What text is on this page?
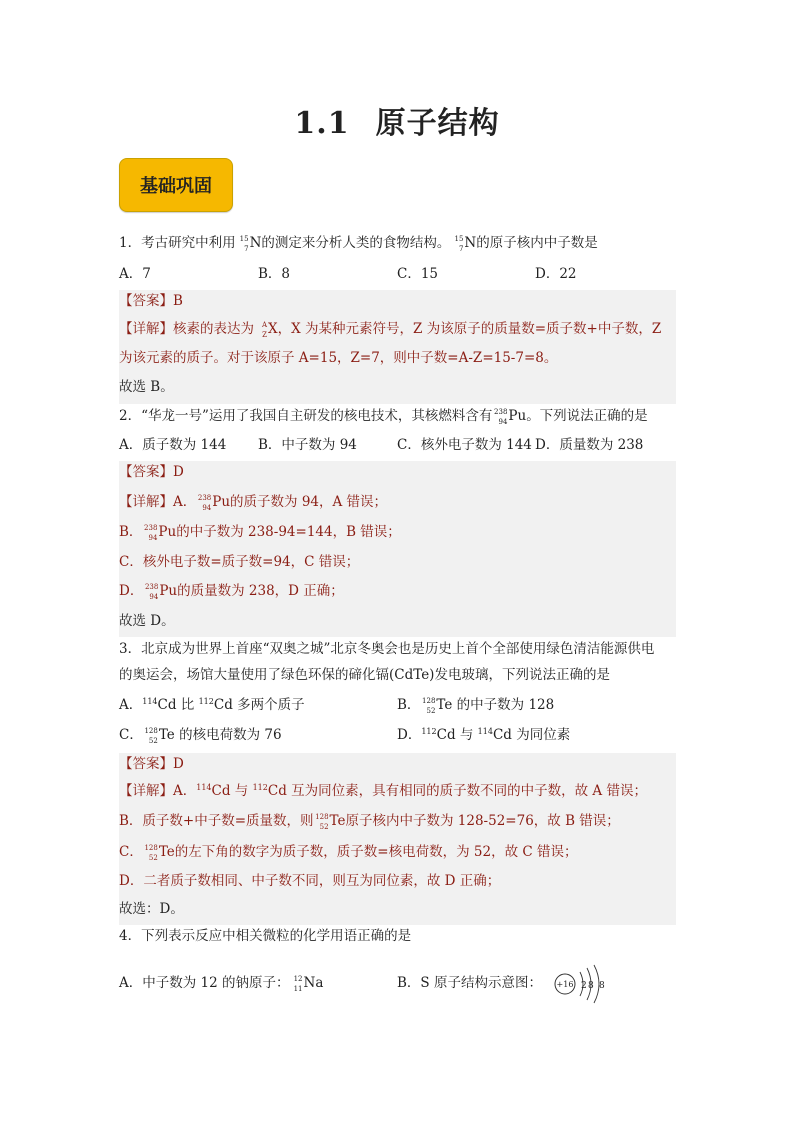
1.1 原子结构
基础巩固
1．考古研究中利用 15
7 N的测定来分析人类的食物结构。 15
7 N的原子核内中子数是
A．7	B．8	C．15	D．22
【答案】B
【详解】核素的表达为 A
Z X，X 为某种元素符号，Z 为该原子的质量数=质子数+中子数，Z
为该元素的质子。对于该原子 A=15，Z=7，则中子数=A-Z=15-7=8。
故选 B。
2．“华龙一号”运用了我国自主研发的核电技术，其核燃料含有 238
94 Pu。下列说法正确的是
A．质子数为 144 B．中子数为 94	C．核外电子数为 144 D．质量数为 238
【答案】D
【详解】A． 238
94 Pu的质子数为 94，A 错误；
B． 238
94 Pu的中子数为 238-94=144，B 错误；
C．核外电子数=质子数=94，C 错误；
D． 238
94 Pu的质量数为 238，D 正确；
故选 D。
3．北京成为世界上首座“双奥之城”北京冬奥会也是历史上首个全部使用绿色清洁能源供电
的奥运会，场馆大量使用了绿色环保的碲化镉(CdTe)发电玻璃，下列说法正确的是
A．$^{114}$Cd 比 $^{112}$Cd 多两个质子	B． 128
52 Te 的中子数为 128
C． 128
52 Te 的核电荷数为 76	D．$^{112}$Cd 与 $^{114}$Cd 为同位素
【答案】D
【详解】A．$^{114}$Cd 与 $^{112}$Cd 互为同位素，具有相同的质子数不同的中子数，故 A 错误；
B．质子数+中子数=质量数，则 128
52 Te原子核内中子数为 128-52=76，故 B 错误；
C． 128
52 Te的左下角的数字为质子数，质子数=核电荷数，为 52，故 C 错误；
D．二者质子数相同、中子数不同，则互为同位素，故 D 正确；
故选：D。
4．下列表示反应中相关微粒的化学用语正确的是
A．中子数为 12 的钠原子： 12
11 Na	B．S 原子结构示意图： +16 2 8 8
